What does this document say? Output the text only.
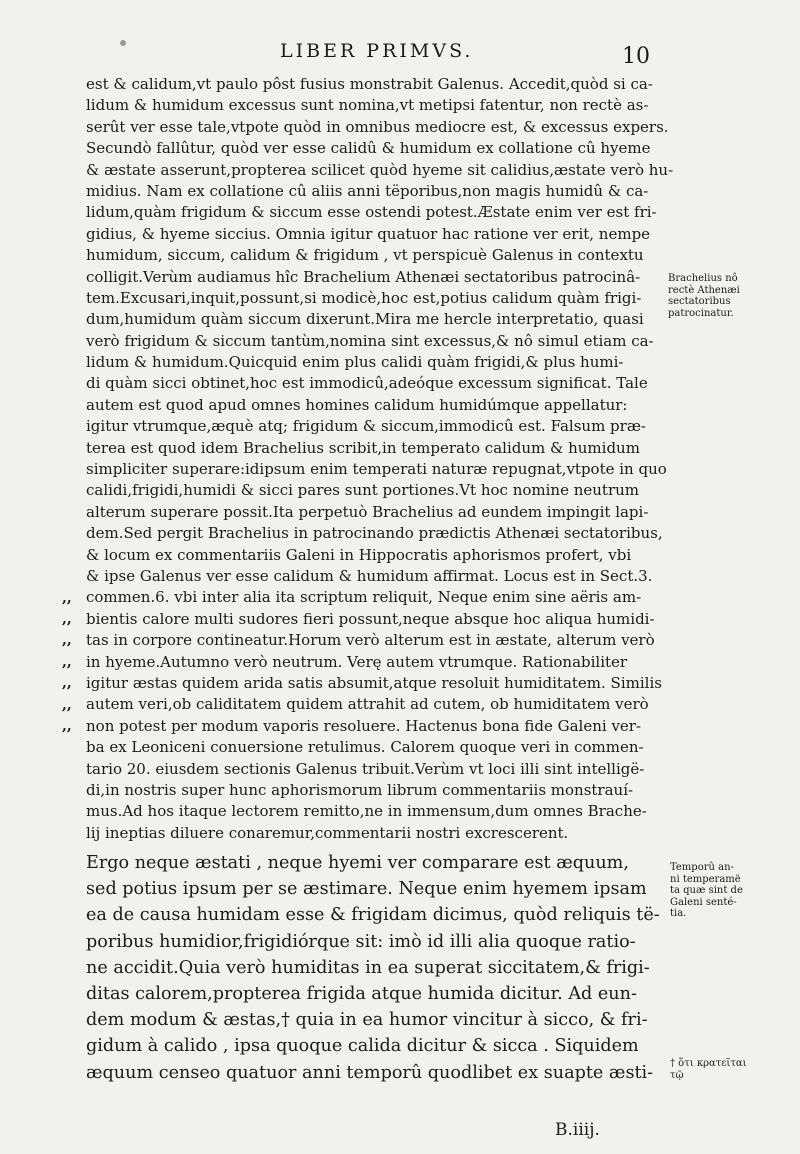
LIBER PRIMVS.	10
est & calidum,vt paulo pôst fusius monstrabit Galenus. Accedit,quòd si ca-
lidum & humidum excessus sunt nomina,vt metipsi fatentur, non rectè as-
serût ver esse tale,vtpote quòd in omnibus mediocre est, & excessus expers.
Secundò fallûtur, quòd ver esse calidû & humidum ex collatione cû hyeme
& æstate asserunt,propterea scilicet quòd hyeme sit calidius,æstate verò hu-
midius. Nam ex collatione cû aliis anni tëporibus,non magis humidû & ca-
lidum,quàm frigidum & siccum esse ostendi potest.Æstate enim ver est fri-
gidius, & hyeme siccius. Omnia igitur quatuor hac ratione ver erit, nempe
humidum, siccum, calidum & frigidum , vt perspicuè Galenus in contextu
colligit.Verùm audiamus hîc Brachelium Athenæi sectatoribus patrocinâ-
tem.Excusari,inquit,possunt,si modicè,hoc est,potius calidum quàm frigi-
dum,humidum quàm siccum dixerunt.Mira me hercle interpretatio, quasi
verò frigidum & siccum tantùm,nomina sint excessus,& nô simul etiam ca-
lidum & humidum.Quicquid enim plus calidi quàm frigidi,& plus humi-
di quàm sicci obtinet,hoc est immodicû,adeóque excessum significat. Tale
autem est quod apud omnes homines calidum humidúmque appellatur:
igitur vtrumque,æquè atq; frigidum & siccum,immodicû est. Falsum præ-
terea est quod idem Brachelius scribit,in temperato calidum & humidum
simpliciter superare:idipsum enim temperati naturæ repugnat,vtpote in quo
calidi,frigidi,humidi & sicci pares sunt portiones.Vt hoc nomine neutrum
alterum superare possit.Ita perpetuò Brachelius ad eundem impingit lapi-
dem.Sed pergit Brachelius in patrocinando prædictis Athenæi sectatoribus,
& locum ex commentariis Galeni in Hippocratis aphorismos profert, vbi
& ipse Galenus ver esse calidum & humidum affirmat. Locus est in Sect.3.
commen.6. vbi inter alia ita scriptum reliquit, Neque enim sine aëris am-
bientis calore multi sudores fieri possunt,neque absque hoc aliqua humidi-
tas in corpore contineatur.Horum verò alterum est in æstate, alterum verò
in hyeme.Autumno verò neutrum. Verę autem vtrumque. Rationabiliter
igitur æstas quidem arida satis absumit,atque resoluit humiditatem. Similis
autem veri,ob caliditatem quidem attrahit ad cutem, ob humiditatem verò
non potest per modum vaporis resoluere. Hactenus bona fide Galeni ver-
ba ex Leoniceni conuersione retulimus. Calorem quoque veri in commen-
tario 20. eiusdem sectionis Galenus tribuit.Verùm vt loci illi sint intelligë-
di,in nostris super hunc aphorismorum librum commentariis monstrauí-
mus.Ad hos itaque lectorem remitto,ne in immensum,dum omnes Brache-
lij ineptias diluere conaremur,commentarii nostri excrescerent.
,,
,,
,,
,,
,,
,,
,,
Brachelius nô
rectè Athenæi
sectatoribus
patrocinatur.
Temporû an-
ni temperamë
ta quæ sint de
Galeni senté-
tia.
† ὅτι κρατεῖται
τῷ
Ergo neque æstati , neque hyemi ver comparare est æquum,
sed potius ipsum per se æstimare. Neque enim hyemem ipsam
ea de causa humidam esse & frigidam dicimus, quòd reliquis të-
poribus humidior,frigidiórque sit: imò id illi alia quoque ratio-
ne accidit.Quia verò humiditas in ea superat siccitatem,& frigi-
ditas calorem,propterea frigida atque humida dicitur. Ad eun-
dem modum & æstas,† quia in ea humor vincitur à sicco, & fri-
gidum à calido , ipsa quoque calida dicitur & sicca . Siquidem
æquum censeo quatuor anni temporû quodlibet ex suapte æsti-
B.iiij.
